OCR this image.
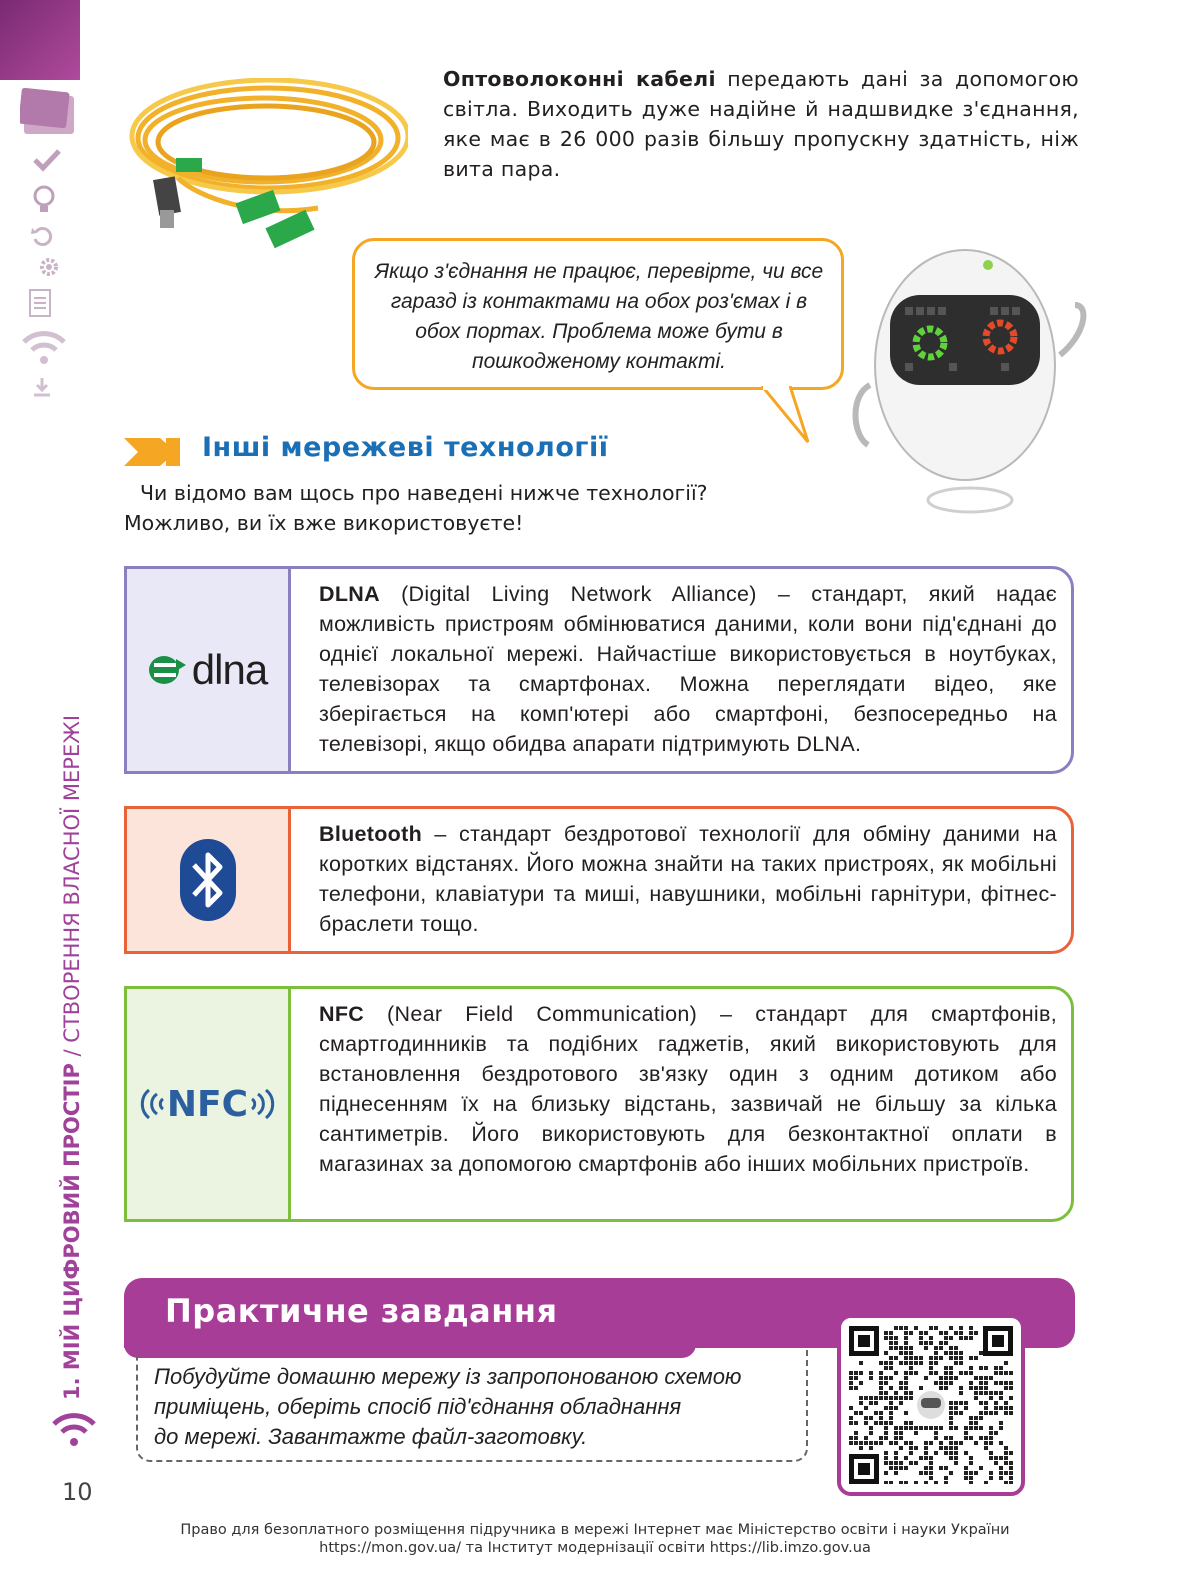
1. МІЙ ЦИФРОВИЙ ПРОСТІР / СТВОРЕННЯ ВЛАСНОЇ МЕРЕЖІ
10
Оптоволоконні кабелі передають дані за допомогою світла. Виходить дуже надійне й надшвидке з'єднання, яке має в 26 000 разів більшу пропускну здатність, ніж вита пара.
Якщо з'єднання не працює, перевірте, чи все гаразд із контактами на обох роз'ємах і в обох портах. Проблема може бути в пошкодженому контакті.
Інші мережеві технології
Чи відомо вам щось про наведені нижче технології?
Можливо, ви їх вже використовуєте!
dlna
DLNA (Digital Living Network Alliance) – стандарт, який надає можливість пристроям обмінюватися даними, коли вони під'єднані до однієї локальної мережі. Найчастіше використовується в ноутбуках, телевізорах та смартфонах. Можна переглядати відео, яке зберігається на комп'ютері або смартфоні, безпосередньо на телевізорі, якщо обидва апарати підтримують DLNA.
Bluetooth – стандарт бездротової технології для обміну даними на коротких відстанях. Його можна знайти на таких пристроях, як мобільні телефони, клавіатури та миші, навушники, мобільні гарнітури, фітнес-браслети тощо.
NFC
NFC (Near Field Communication) – стандарт для смартфонів, смартгодинників та подібних гаджетів, який використовують для встановлення бездротового зв'язку один з одним дотиком або піднесенням їх на близьку відстань, зазвичай не більшу за кілька сантиметрів. Його використовують для безконтактної оплати в магазинах за допомогою смартфонів або інших мобільних пристроїв.
Практичне завдання
Побудуйте домашню мережу із запропонованою схемою
приміщень, оберіть спосіб під'єднання обладнання
до мережі. Завантажте файл-заготовку.
Право для безоплатного розміщення підручника в мережі Інтернет має Міністерство освіти і науки України
https://mon.gov.ua/ та Інститут модернізації освіти https://lib.imzo.gov.ua
